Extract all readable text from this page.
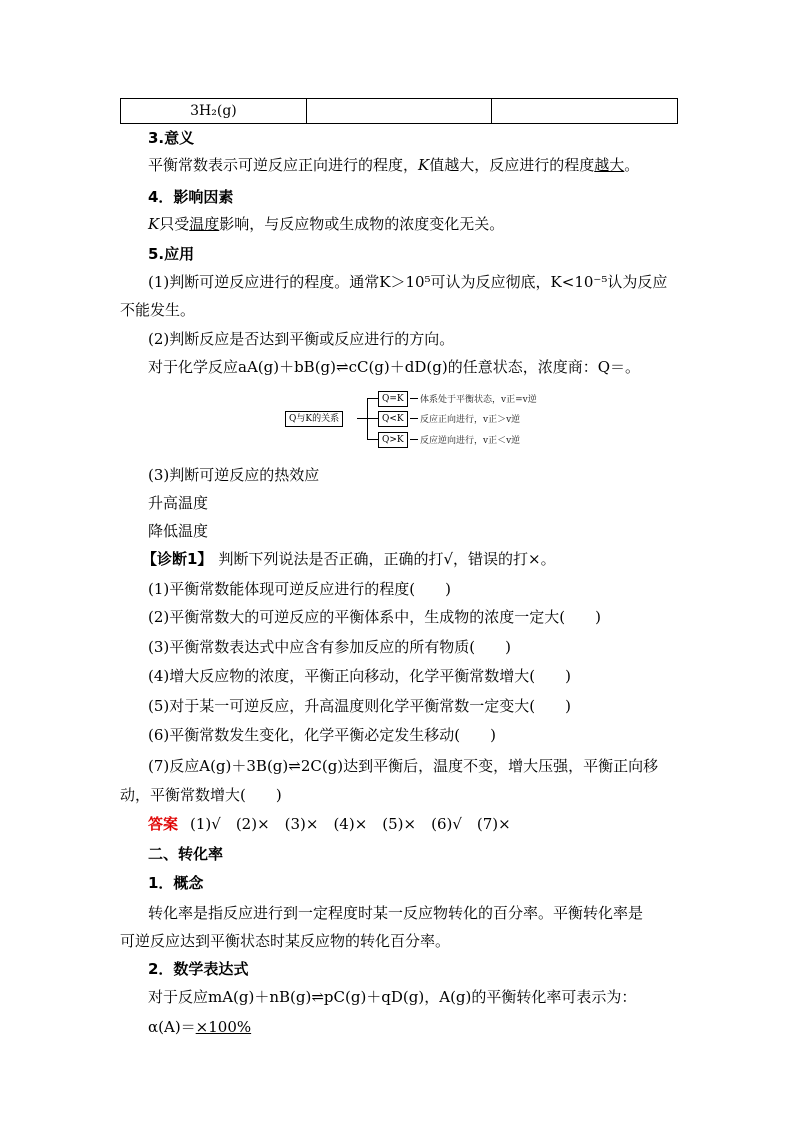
3H₂(g)		
3.意义
平衡常数表示可逆反应正向进行的程度，K值越大，反应进行的程度越大。
4．影响因素
K只受温度影响，与反应物或生成物的浓度变化无关。
5.应用
(1)判断可逆反应进行的程度。通常K＞10⁵可认为反应彻底，K<10⁻⁵认为反应
不能发生。
(2)判断反应是否达到平衡或反应进行的方向。
对于化学反应aA(g)＋bB(g)⇌cC(g)＋dD(g)的任意状态，浓度商：Q＝。
Q与K的关系
Q=K
Q<K
Q>K
体系处于平衡状态，v正=v逆
反应正向进行，v正＞v逆
反应逆向进行，v正＜v逆
(3)判断可逆反应的热效应
升高温度
降低温度
【诊断1】 判断下列说法是否正确，正确的打√，错误的打×。
(1)平衡常数能体现可逆反应进行的程度(　　)
(2)平衡常数大的可逆反应的平衡体系中，生成物的浓度一定大(　　)
(3)平衡常数表达式中应含有参加反应的所有物质(　　)
(4)增大反应物的浓度，平衡正向移动，化学平衡常数增大(　　)
(5)对于某一可逆反应，升高温度则化学平衡常数一定变大(　　)
(6)平衡常数发生变化，化学平衡必定发生移动(　　)
(7)反应A(g)＋3B(g)⇌2C(g)达到平衡后，温度不变，增大压强，平衡正向移
动，平衡常数增大(　　)
答案 (1)√　(2)×　(3)×　(4)×　(5)×　(6)√　(7)×
二、转化率
1．概念
转化率是指反应进行到一定程度时某一反应物转化的百分率。平衡转化率是
可逆反应达到平衡状态时某反应物的转化百分率。
2．数学表达式
对于反应mA(g)＋nB(g)⇌pC(g)＋qD(g)，A(g)的平衡转化率可表示为：
α(A)＝×100%
